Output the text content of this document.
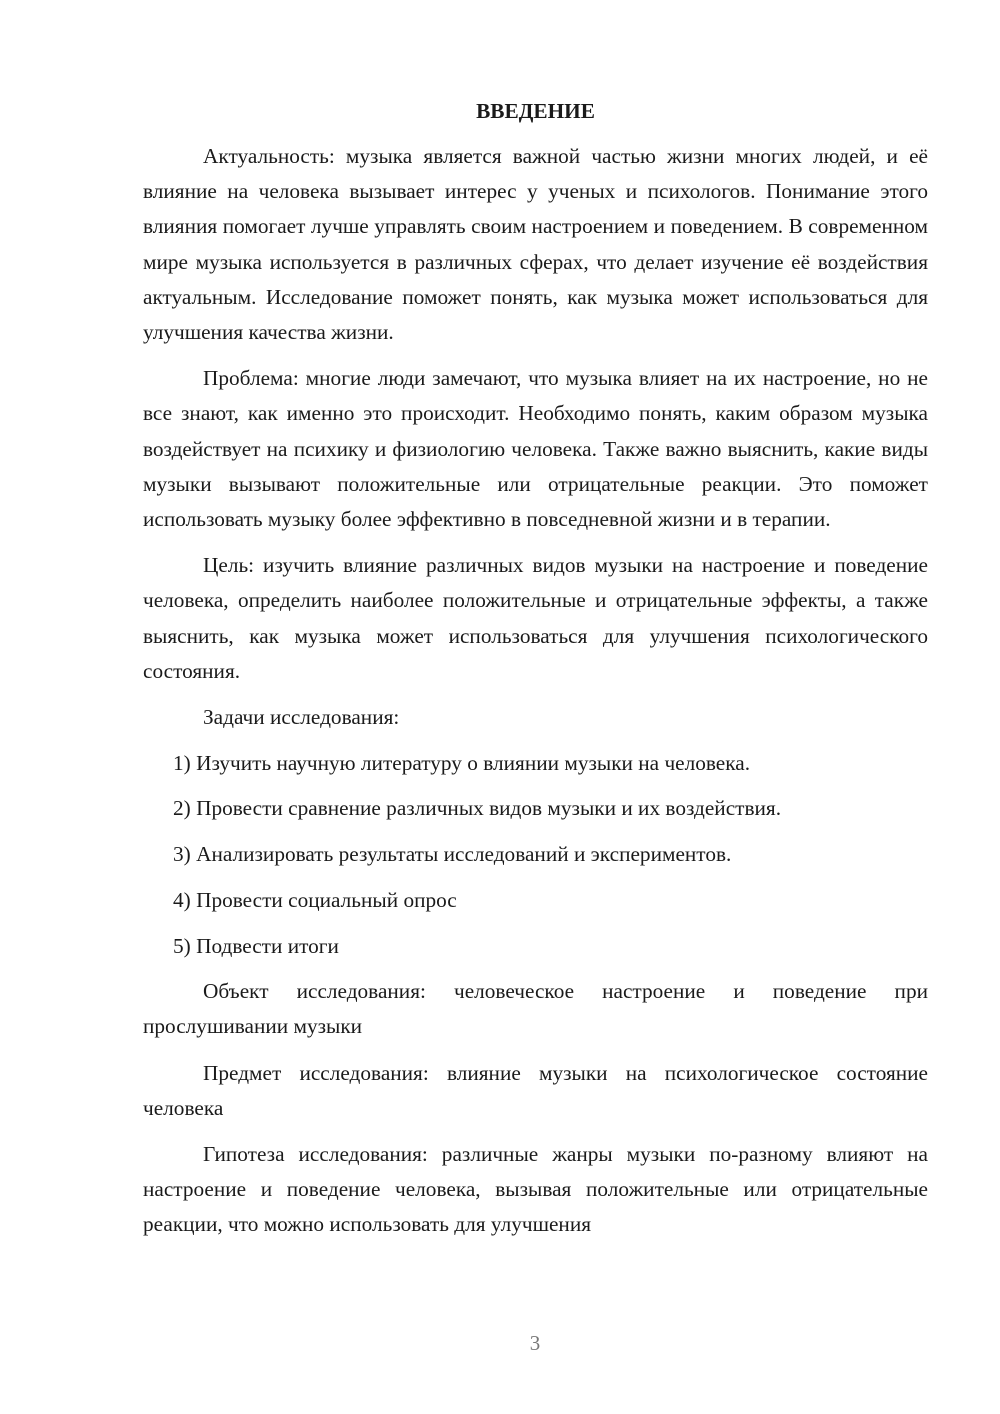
ВВЕДЕНИЕ

Актуальность: музыка является важной частью жизни многих людей, и её влияние на человека вызывает интерес у ученых и психологов. Понимание этого влияния помогает лучше управлять своим настроением и поведением. В современном мире музыка используется в различных сферах, что делает изучение её воздействия актуальным. Исследование поможет понять, как музыка может использоваться для улучшения качества жизни.

Проблема: многие люди замечают, что музыка влияет на их настроение, но не все знают, как именно это происходит. Необходимо понять, каким образом музыка воздействует на психику и физиологию человека. Также важно выяснить, какие виды музыки вызывают положительные или отрицательные реакции. Это поможет использовать музыку более эффективно в повседневной жизни и в терапии.

Цель: изучить влияние различных видов музыки на настроение и поведение человека, определить наиболее положительные и отрицательные эффекты, а также выяснить, как музыка может использоваться для улучшения психологического состояния.

Задачи исследования:

1) Изучить научную литературу о влиянии музыки на человека.
2) Провести сравнение различных видов музыки и их воздействия.
3) Анализировать результаты исследований и экспериментов.
4) Провести социальный опрос
5) Подвести итоги

Объект исследования: человеческое настроение и поведение при прослушивании музыки

Предмет исследования: влияние музыки на психологическое состояние человека

Гипотеза исследования: различные жанры музыки по-разному влияют на настроение и поведение человека, вызывая положительные или отрицательные реакции, что можно использовать для улучшения

3
